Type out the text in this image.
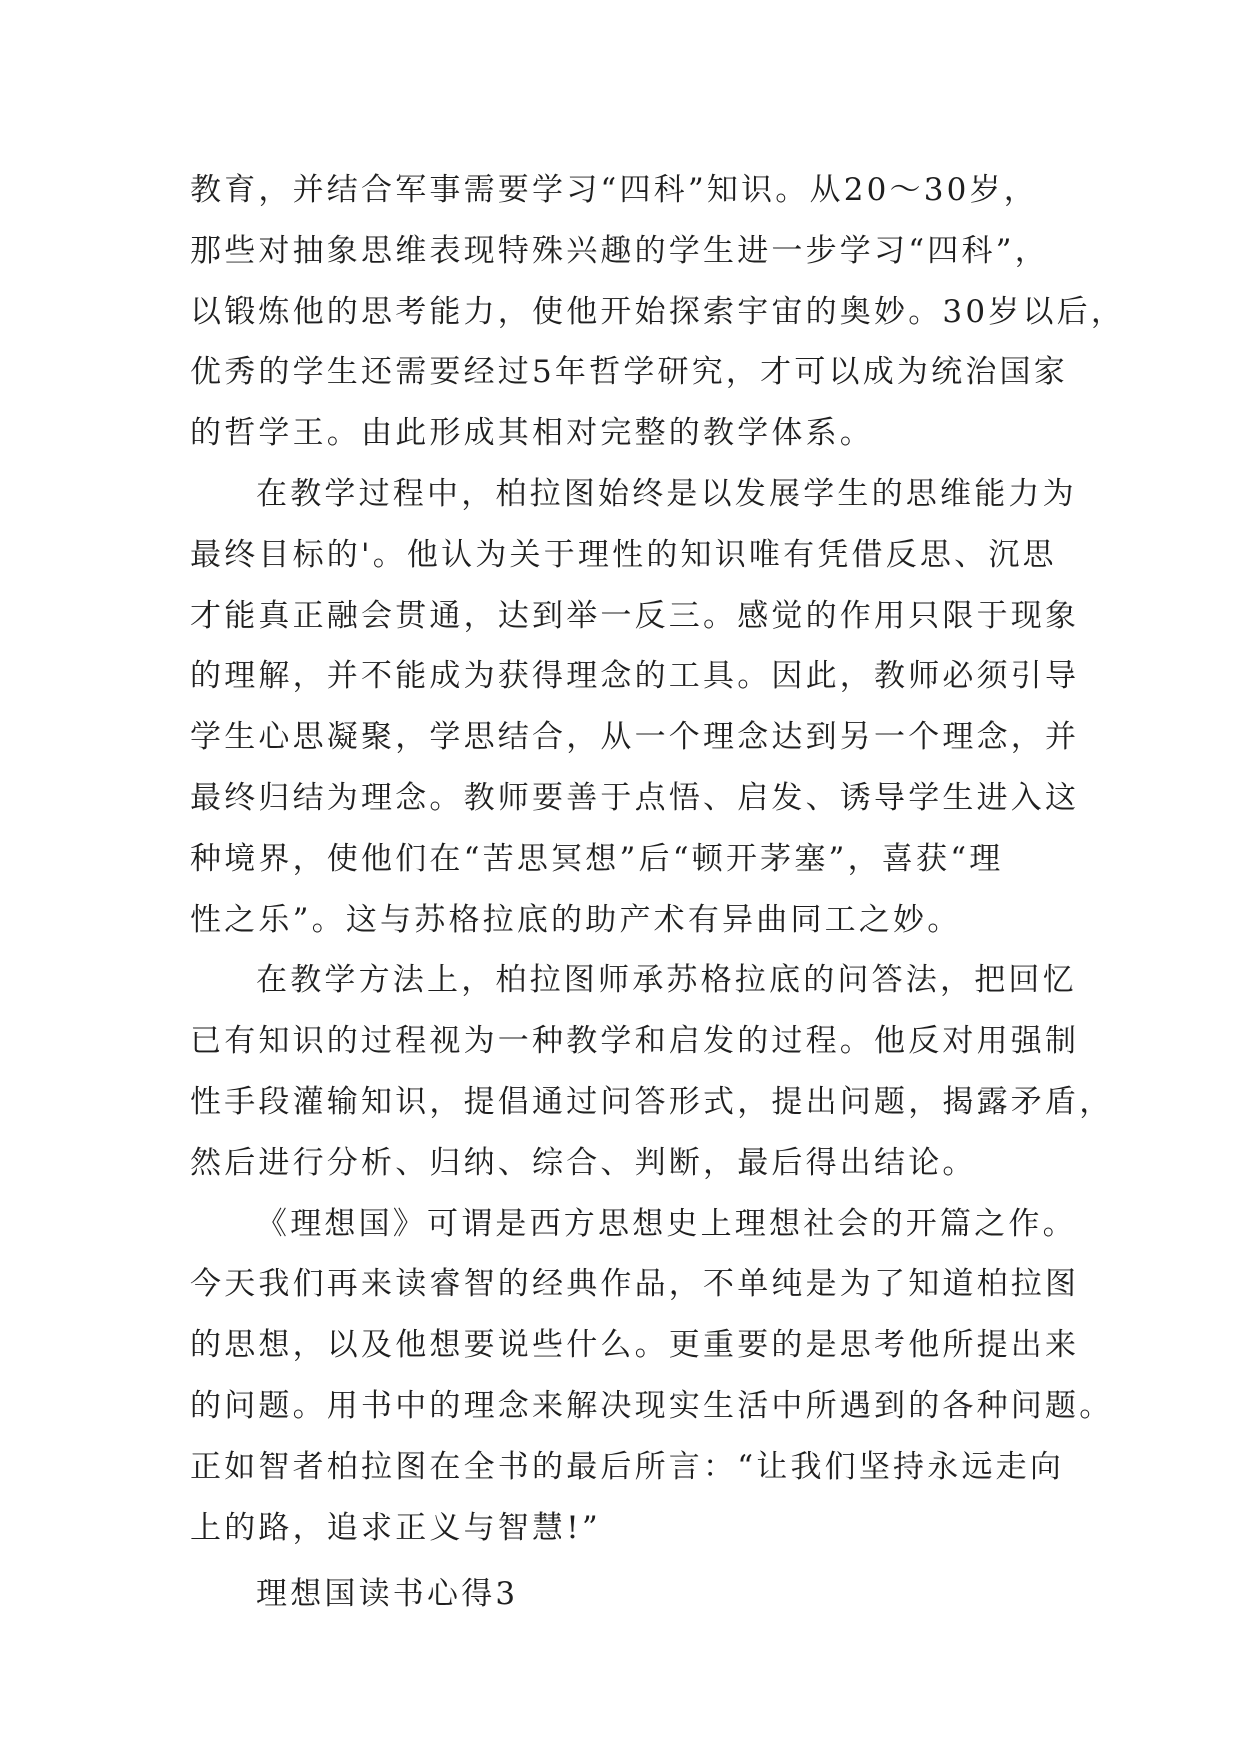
教育，并结合军事需要学习“四科”知识。从20～30岁，
那些对抽象思维表现特殊兴趣的学生进一步学习“四科”，
以锻炼他的思考能力，使他开始探索宇宙的奥妙。30岁以后，
优秀的学生还需要经过5年哲学研究，才可以成为统治国家
的哲学王。由此形成其相对完整的教学体系。
在教学过程中，柏拉图始终是以发展学生的思维能力为
最终目标的'。他认为关于理性的知识唯有凭借反思、沉思
才能真正融会贯通，达到举一反三。感觉的作用只限于现象
的理解，并不能成为获得理念的工具。因此，教师必须引导
学生心思凝聚，学思结合，从一个理念达到另一个理念，并
最终归结为理念。教师要善于点悟、启发、诱导学生进入这
种境界，使他们在“苦思冥想”后“顿开茅塞”，喜获“理
性之乐”。这与苏格拉底的助产术有异曲同工之妙。
在教学方法上，柏拉图师承苏格拉底的问答法，把回忆
已有知识的过程视为一种教学和启发的过程。他反对用强制
性手段灌输知识，提倡通过问答形式，提出问题，揭露矛盾，
然后进行分析、归纳、综合、判断，最后得出结论。
《理想国》可谓是西方思想史上理想社会的开篇之作。
今天我们再来读睿智的经典作品，不单纯是为了知道柏拉图
的思想，以及他想要说些什么。更重要的是思考他所提出来
的问题。用书中的理念来解决现实生活中所遇到的各种问题。
正如智者柏拉图在全书的最后所言：“让我们坚持永远走向
上的路，追求正义与智慧!”
理想国读书心得3
